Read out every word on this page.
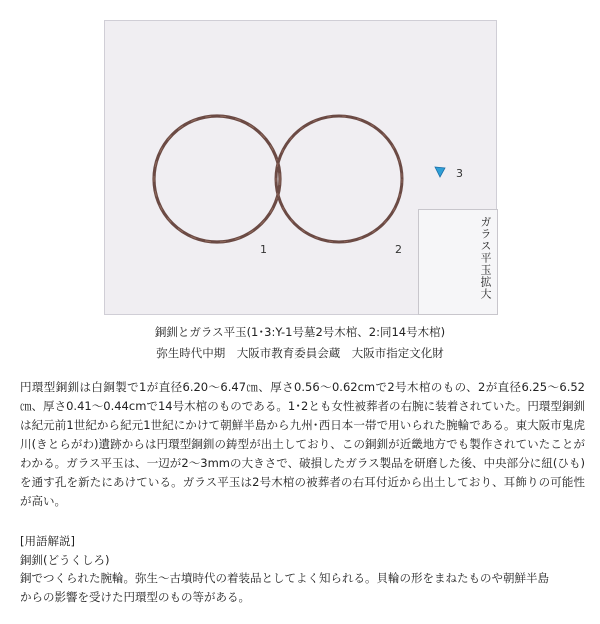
1	2
3
ガラス平玉拡大
銅釧とガラス平玉(1･3:Y-1号墓2号木棺、2:同14号木棺)
弥生時代中期　大阪市教育委員会蔵　大阪市指定文化財
円環型銅釧は白銅製で1が直径6.20～6.47㎝、厚さ0.56～0.62cmで2号木棺のもの、2が直径6.25～6.52㎝、厚さ0.41～0.44cmで14号木棺のものである。1･2とも女性被葬者の右腕に装着されていた。円環型銅釧は紀元前1世紀から紀元1世紀にかけて朝鮮半島から九州･西日本一帯で用いられた腕輪である。東大阪市鬼虎川(きとらがわ)遺跡からは円環型銅釧の鋳型が出土しており、この銅釧が近畿地方でも製作されていたことがわかる。ガラス平玉は、一辺が2～3mmの大きさで、破損したガラス製品を研磨した後、中央部分に紐(ひも)を通す孔を新たにあけている。ガラス平玉は2号木棺の被葬者の右耳付近から出土しており、耳飾りの可能性が高い。
[用語解説]
銅釧(どうくしろ)
銅でつくられた腕輪。弥生～古墳時代の着装品としてよく知られる。貝輪の形をまねたものや朝鮮半島
からの影響を受けた円環型のもの等がある。
